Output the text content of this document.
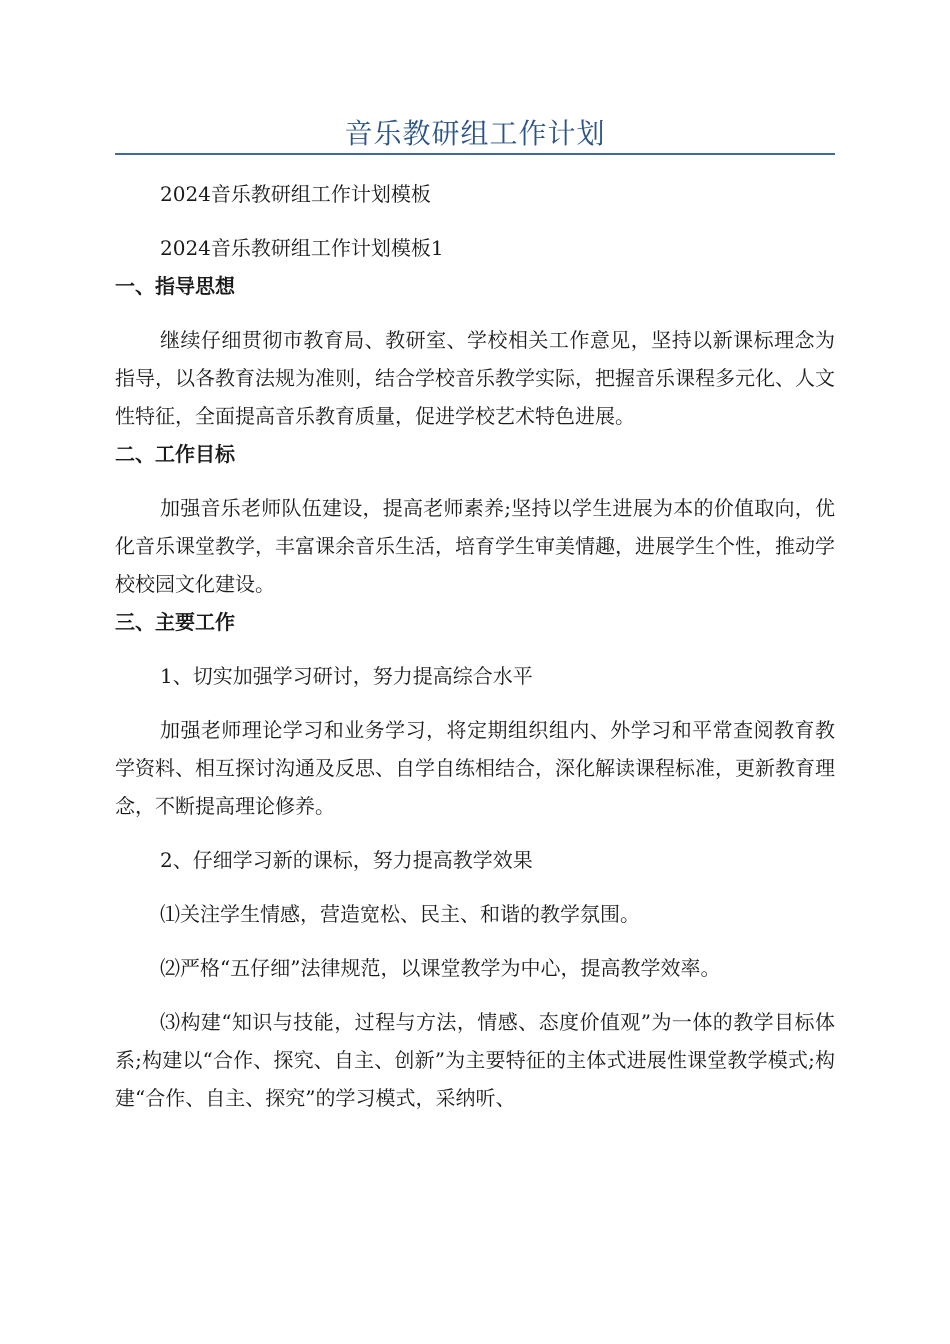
音乐教研组工作计划

2024音乐教研组工作计划模板

2024音乐教研组工作计划模板1

一、指导思想

继续仔细贯彻市教育局、教研室、学校相关工作意见，坚持以新课标理念为指导，以各教育法规为准则，结合学校音乐教学实际，把握音乐课程多元化、人文性特征，全面提高音乐教育质量，促进学校艺术特色进展。

二、工作目标

加强音乐老师队伍建设，提高老师素养;坚持以学生进展为本的价值取向，优化音乐课堂教学，丰富课余音乐生活，培育学生审美情趣，进展学生个性，推动学校校园文化建设。

三、主要工作

1、切实加强学习研讨，努力提高综合水平

加强老师理论学习和业务学习，将定期组织组内、外学习和平常查阅教育教学资料、相互探讨沟通及反思、自学自练相结合，深化解读课程标准，更新教育理念，不断提高理论修养。

2、仔细学习新的课标，努力提高教学效果

⑴关注学生情感，营造宽松、民主、和谐的教学氛围。

⑵严格“五仔细”法律规范，以课堂教学为中心，提高教学效率。

⑶构建“知识与技能，过程与方法，情感、态度价值观”为一体的教学目标体系;构建以“合作、探究、自主、创新”为主要特征的主体式进展性课堂教学模式;构建“合作、自主、探究”的学习模式，采纳听、
